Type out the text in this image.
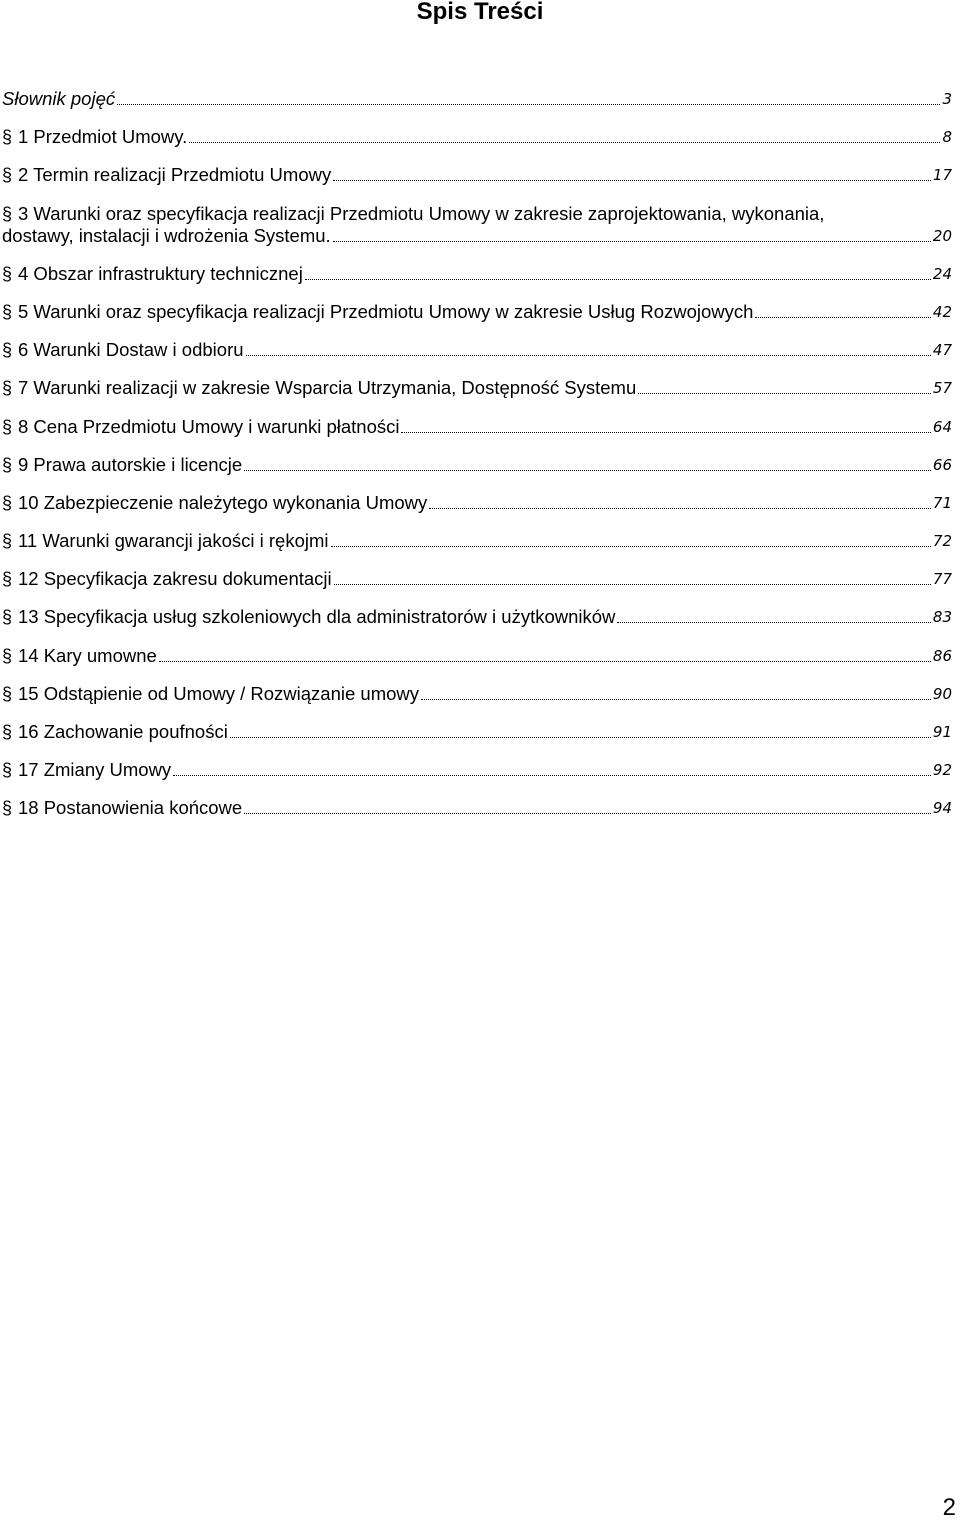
Spis Treści
Słownik pojęć	3
§ 1 Przedmiot Umowy.	8
§ 2 Termin realizacji Przedmiotu Umowy	17
§ 3 Warunki oraz specyfikacja realizacji Przedmiotu Umowy w zakresie zaprojektowania, wykonania,
dostawy, instalacji i wdrożenia Systemu.	20
§ 4 Obszar infrastruktury technicznej	24
§ 5 Warunki oraz specyfikacja realizacji Przedmiotu Umowy w zakresie Usług Rozwojowych	42
§ 6 Warunki Dostaw i odbioru	47
§ 7 Warunki realizacji w zakresie Wsparcia Utrzymania, Dostępność Systemu	57
§ 8 Cena Przedmiotu Umowy i warunki płatności	64
§ 9 Prawa autorskie i licencje	66
§ 10 Zabezpieczenie należytego wykonania Umowy	71
§ 11 Warunki gwarancji jakości i rękojmi	72
§ 12 Specyfikacja zakresu dokumentacji	77
§ 13 Specyfikacja usług szkoleniowych dla administratorów i użytkowników	83
§ 14 Kary umowne	86
§ 15 Odstąpienie od Umowy / Rozwiązanie umowy	90
§ 16 Zachowanie poufności	91
§ 17 Zmiany Umowy	92
§ 18 Postanowienia końcowe	94
2
